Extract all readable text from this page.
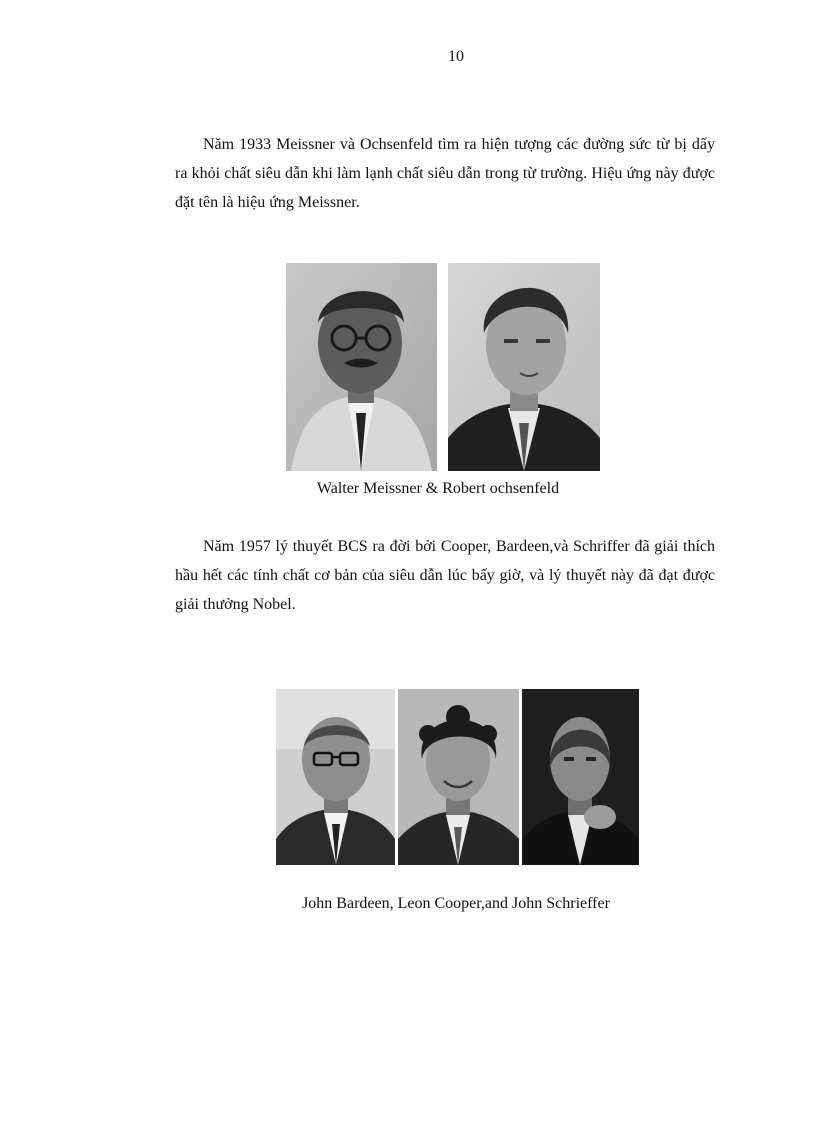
10

Năm 1933 Meissner và Ochsenfeld tìm ra hiện tượng các đường sức từ bị dẩy ra khỏi chất siêu dẫn khi làm lạnh chất siêu dẫn trong từ trường. Hiệu ứng này được đặt tên là hiệu ứng Meissner.

Walter Meissner & Robert ochsenfeld

Năm 1957 lý thuyết BCS ra đời bởi Cooper, Bardeen,và Schriffer đã giải thích hầu hết các tính chất cơ bản của siêu dẫn lúc bấy giờ, và lý thuyết này đã đạt được giải thưởng Nobel.

John Bardeen, Leon Cooper,and John Schrieffer
